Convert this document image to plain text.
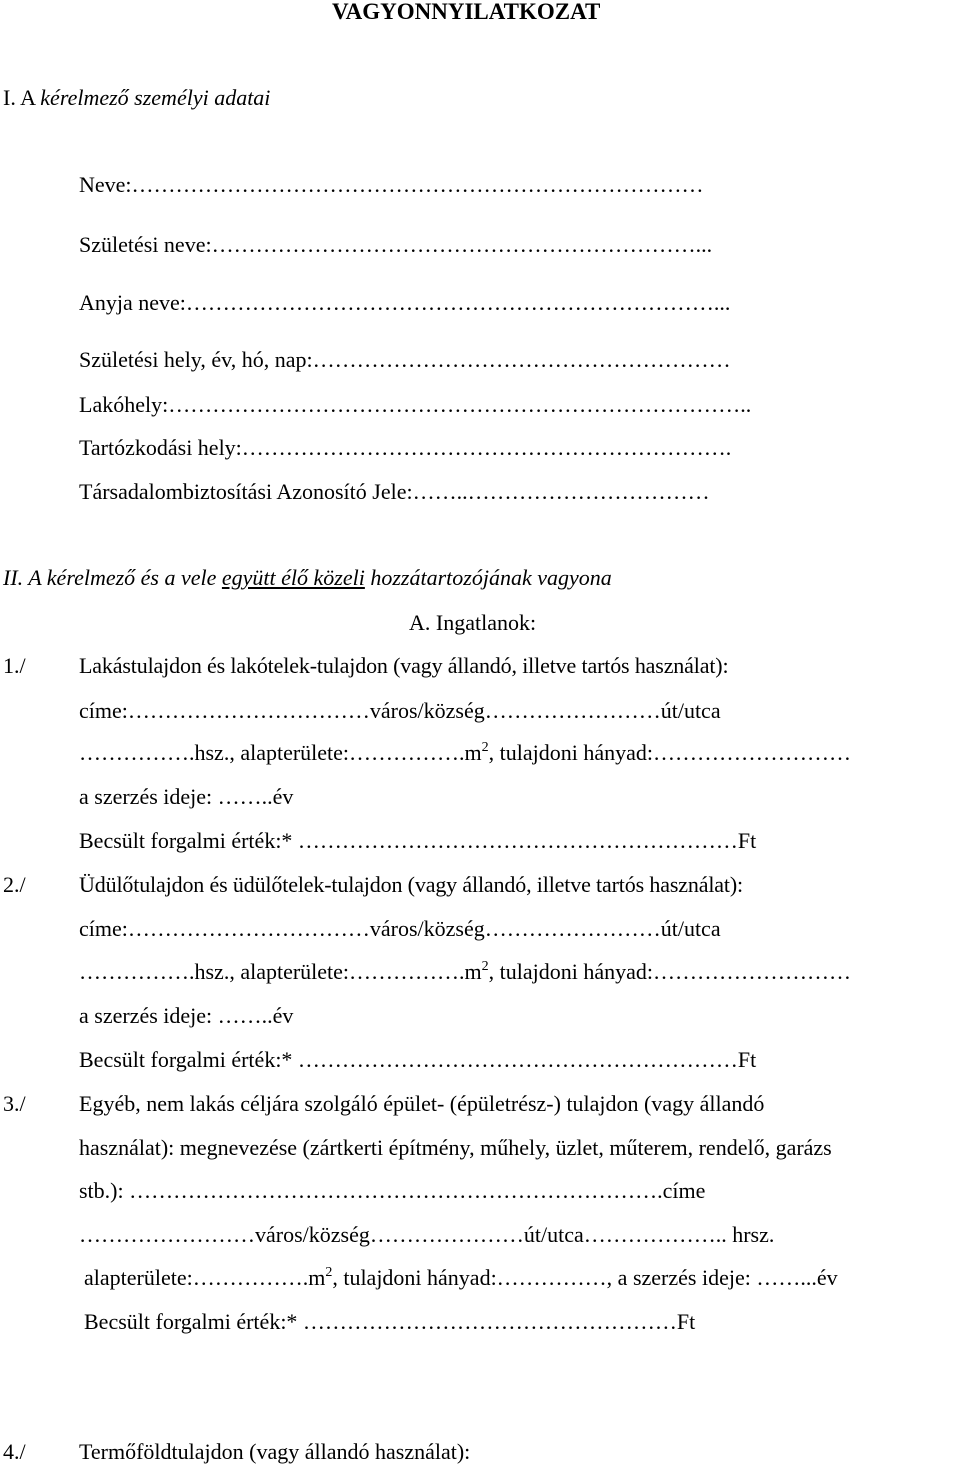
VAGYONNYILATKOZAT
I. A kérelmező személyi adatai
Neve:……………………………………………………………………
Születési neve:…………………………………………………………...
Anyja neve:………………………………………………………………...
Születési hely, év, hó, nap:…………………………………………………
Lakóhely:……………………………………………………………………..
Tartózkodási hely:………………………………………………………….
Társadalombiztosítási Azonosító Jele:……..……………………………
II. A kérelmező és a vele együtt élő közeli hozzátartozójának vagyona
A. Ingatlanok:
1./ Lakástulajdon és lakótelek-tulajdon (vagy állandó, illetve tartós használat):
címe:……………………………város/község……………………út/utca
…………….hsz., $alapterülete:\dots\dots\dots\dots\dots.m^2$, tulajdoni hányad:………………………
a szerzés ideje: ……..év
Becsült forgalmi érték:* ……………………………………………………Ft
2./ Üdülőtulajdon és üdülőtelek-tulajdon (vagy állandó, illetve tartós használat):
címe:……………………………város/község……………………út/utca
…………….hsz., $alapterülete:\dots\dots\dots\dots\dots.m^2$, tulajdoni hányad:………………………
a szerzés ideje: ……..év
Becsült forgalmi érték:* ……………………………………………………Ft
3./ Egyéb, nem lakás céljára szolgáló épület- (épületrész-) tulajdon (vagy állandó
használat): megnevezése (zártkerti építmény, műhely, üzlet, műterem, rendelő, garázs
stb.): ……………………………………………………………….címe
……………………város/község…………………út/utca……………….. hrsz.
$alapterülete:\dots\dots\dots\dots\dots.m^2$, tulajdoni hányad:……………, a szerzés ideje: ……...év
Becsült forgalmi érték:* ……………………………………………Ft
4./ Termőföldtulajdon (vagy állandó használat):
